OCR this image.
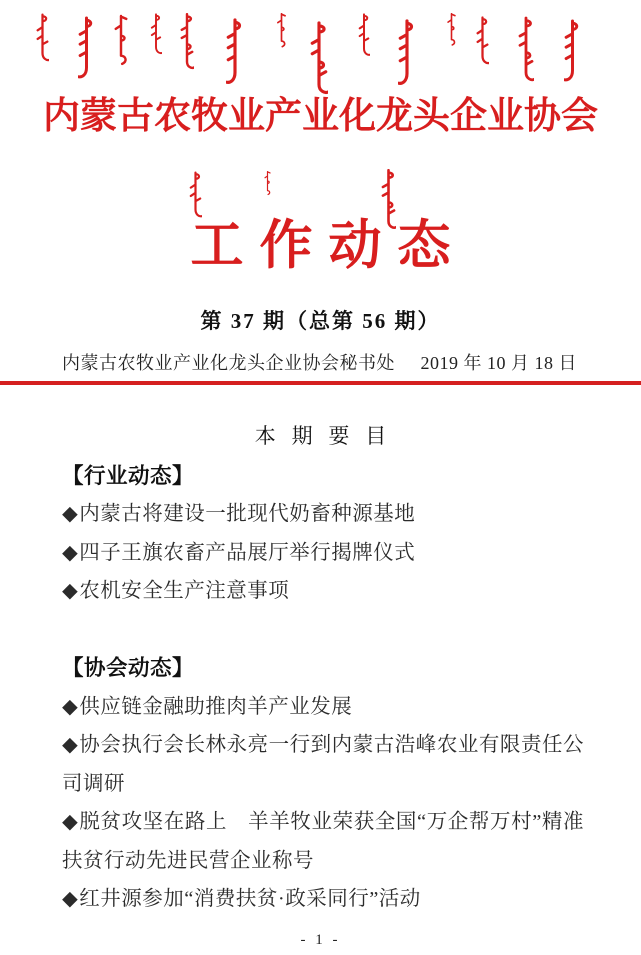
内蒙古农牧业产业化龙头企业协会
工作动态
第 37 期（总第 56 期）
内蒙古农牧业产业化龙头企业协会秘书处 2019 年 10 月 18 日

本 期 要 目

【行业动态】

◆内蒙古将建设一批现代奶畜种源基地

◆四子王旗农畜产品展厅举行揭牌仪式

◆农机安全生产注意事项

【协会动态】

◆供应链金融助推肉羊产业发展

◆协会执行会长林永亮一行到内蒙古浩峰农业有限责任公司调研

◆脱贫攻坚在路上　羊羊牧业荣获全国“万企帮万村”精准扶贫行动先进民营企业称号

◆红井源参加“消费扶贫·政采同行”活动

- 1 -
